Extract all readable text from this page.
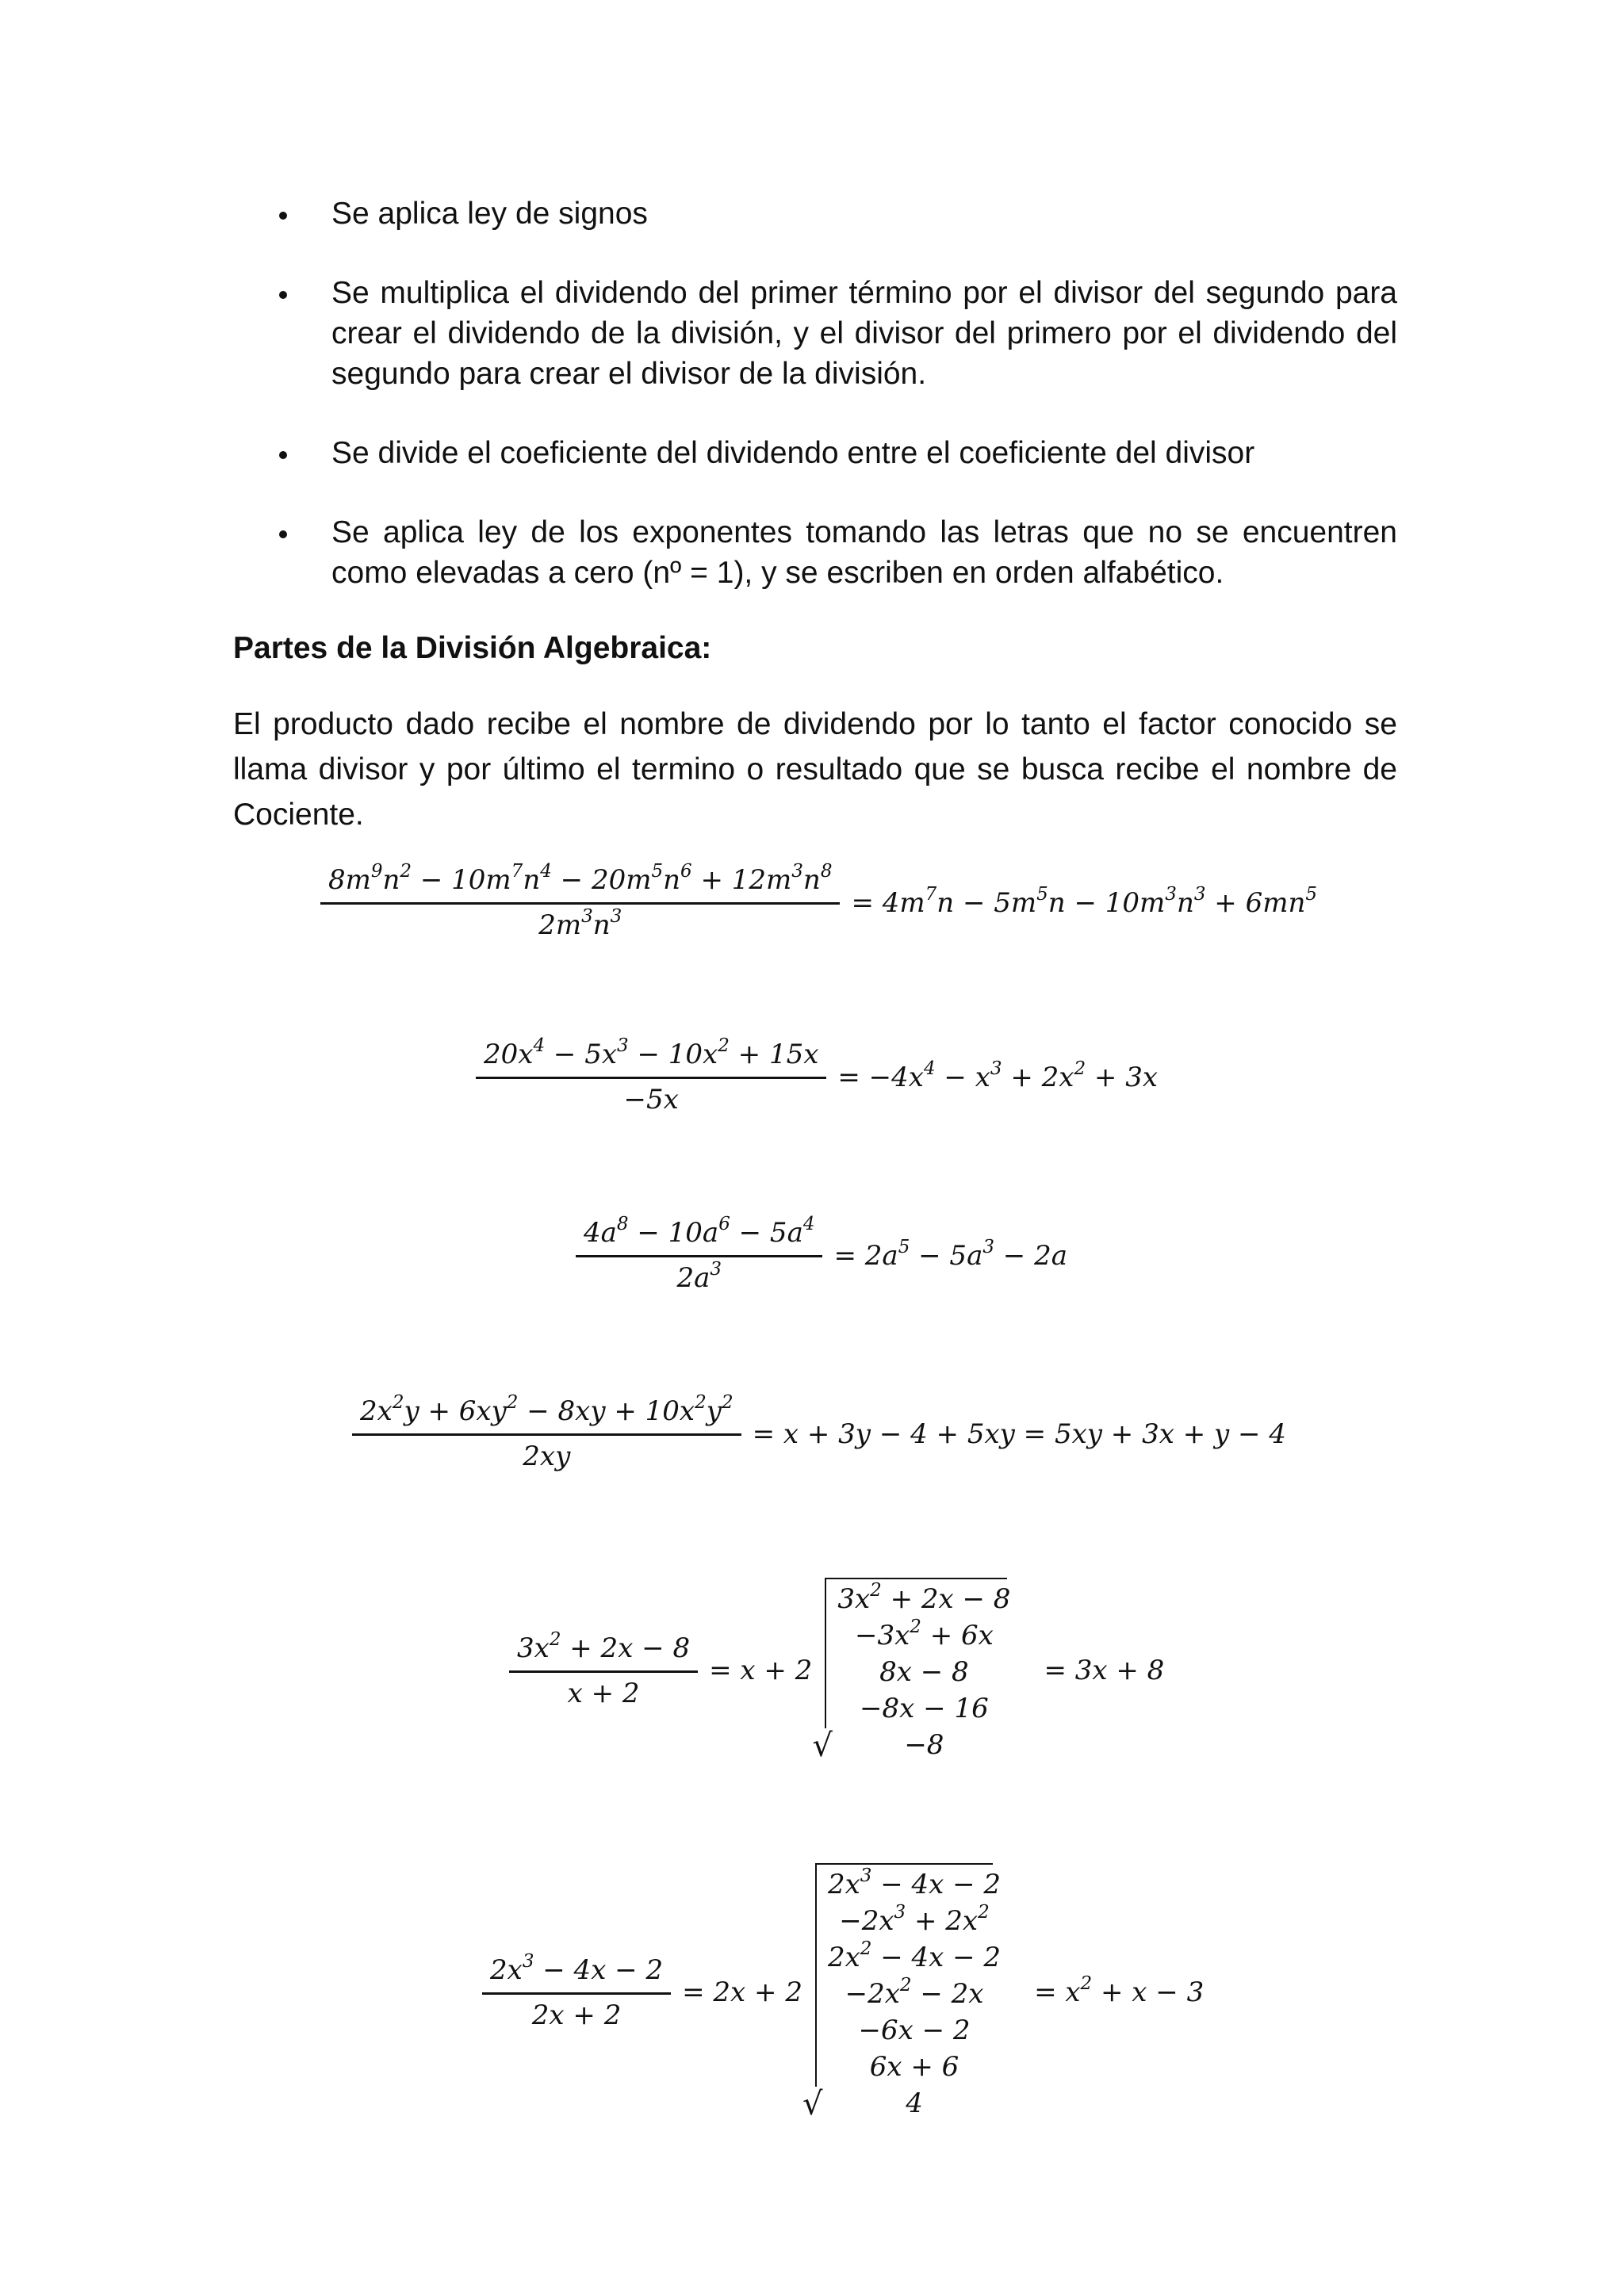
Se aplica ley de signos
Se multiplica el dividendo del primer término por el divisor del segundo para crear el dividendo de la división, y el divisor del primero por el dividendo del segundo para crear el divisor de la división.
Se divide el coeficiente del dividendo entre el coeficiente del divisor
Se aplica ley de los exponentes tomando las letras que no se encuentren como elevadas a cero (nº = 1), y se escriben en orden alfabético.
Partes de la División Algebraica:
El producto dado recibe el nombre de dividendo por lo tanto el factor conocido se llama divisor y por último el termino o resultado que se busca recibe el nombre de Cociente.
$\frac{8m^9n^2 - 10m^7n^4 - 20m^5n^6 + 12m^3n^8}{2m^3n^3} = 4m^7n - 5m^5n - 10m^3n^3 + 6mn^5$
$\frac{20x^4 - 5x^3 - 10x^2 + 15x}{-5x} = -4x^4 - x^3 + 2x^2 + 3x$
$\frac{4a^8 - 10a^6 - 5a^4}{2a^3} = 2a^5 - 5a^3 - 2a$
$\frac{2x^2y + 6xy^2 - 8xy + 10x^2y^2}{2xy} = x + 3y - 4 + 5xy = 5xy + 3x + y - 4$
$\frac{3x^2 + 2x - 8}{x + 2} = x + 2$
√
$3x^2 + 2x - 8$
$-3x^2 + 6x$
8x − 8
−8x − 16
−8
= 3x + 8
$\frac{2x^3 - 4x - 2}{2x + 2} = 2x + 2$
√
$2x^3 - 4x - 2$
$-2x^3 + 2x^2$
$2x^2 - 4x - 2$
$-2x^2 - 2x$
−6x − 2
6x + 6
4
= $x^2 + x - 3$
